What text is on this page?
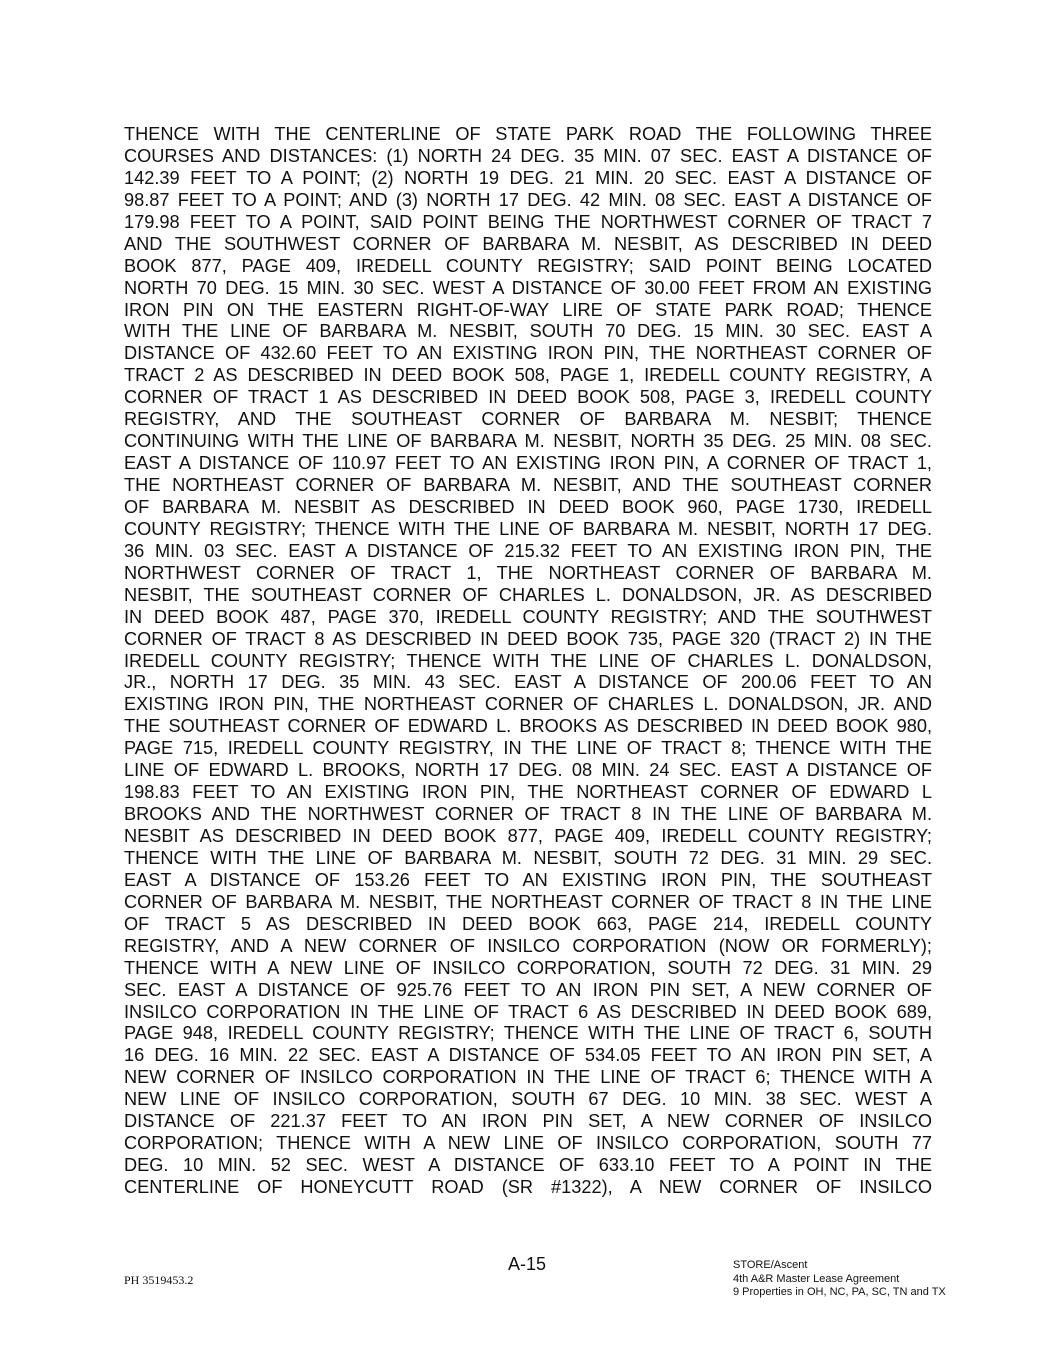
THENCE WITH THE CENTERLINE OF STATE PARK ROAD THE FOLLOWING THREE
COURSES AND DISTANCES: (1) NORTH 24 DEG. 35 MIN. 07 SEC. EAST A DISTANCE OF
142.39 FEET TO A POINT; (2) NORTH 19 DEG. 21 MIN. 20 SEC. EAST A DISTANCE OF
98.87 FEET TO A POINT; AND (3) NORTH 17 DEG. 42 MIN. 08 SEC. EAST A DISTANCE OF
179.98 FEET TO A POINT, SAID POINT BEING THE NORTHWEST CORNER OF TRACT 7
AND THE SOUTHWEST CORNER OF BARBARA M. NESBIT, AS DESCRIBED IN DEED
BOOK 877, PAGE 409, IREDELL COUNTY REGISTRY; SAID POINT BEING LOCATED
NORTH 70 DEG. 15 MIN. 30 SEC. WEST A DISTANCE OF 30.00 FEET FROM AN EXISTING
IRON PIN ON THE EASTERN RIGHT-OF-WAY LIRE OF STATE PARK ROAD; THENCE
WITH THE LINE OF BARBARA M. NESBIT, SOUTH 70 DEG. 15 MIN. 30 SEC. EAST A
DISTANCE OF 432.60 FEET TO AN EXISTING IRON PIN, THE NORTHEAST CORNER OF
TRACT 2 AS DESCRIBED IN DEED BOOK 508, PAGE 1, IREDELL COUNTY REGISTRY, A
CORNER OF TRACT 1 AS DESCRIBED IN DEED BOOK 508, PAGE 3, IREDELL COUNTY
REGISTRY, AND THE SOUTHEAST CORNER OF BARBARA M. NESBIT; THENCE
CONTINUING WITH THE LINE OF BARBARA M. NESBIT, NORTH 35 DEG. 25 MIN. 08 SEC.
EAST A DISTANCE OF 110.97 FEET TO AN EXISTING IRON PIN, A CORNER OF TRACT 1,
THE NORTHEAST CORNER OF BARBARA M. NESBIT, AND THE SOUTHEAST CORNER
OF BARBARA M. NESBIT AS DESCRIBED IN DEED BOOK 960, PAGE 1730, IREDELL
COUNTY REGISTRY; THENCE WITH THE LINE OF BARBARA M. NESBIT, NORTH 17 DEG.
36 MIN. 03 SEC. EAST A DISTANCE OF 215.32 FEET TO AN EXISTING IRON PIN, THE
NORTHWEST CORNER OF TRACT 1, THE NORTHEAST CORNER OF BARBARA M.
NESBIT, THE SOUTHEAST CORNER OF CHARLES L. DONALDSON, JR. AS DESCRIBED
IN DEED BOOK 487, PAGE 370, IREDELL COUNTY REGISTRY; AND THE SOUTHWEST
CORNER OF TRACT 8 AS DESCRIBED IN DEED BOOK 735, PAGE 320 (TRACT 2) IN THE
IREDELL COUNTY REGISTRY; THENCE WITH THE LINE OF CHARLES L. DONALDSON,
JR., NORTH 17 DEG. 35 MIN. 43 SEC. EAST A DISTANCE OF 200.06 FEET TO AN
EXISTING IRON PIN, THE NORTHEAST CORNER OF CHARLES L. DONALDSON, JR. AND
THE SOUTHEAST CORNER OF EDWARD L. BROOKS AS DESCRIBED IN DEED BOOK 980,
PAGE 715, IREDELL COUNTY REGISTRY, IN THE LINE OF TRACT 8; THENCE WITH THE
LINE OF EDWARD L. BROOKS, NORTH 17 DEG. 08 MIN. 24 SEC. EAST A DISTANCE OF
198.83 FEET TO AN EXISTING IRON PIN, THE NORTHEAST CORNER OF EDWARD L
BROOKS AND THE NORTHWEST CORNER OF TRACT 8 IN THE LINE OF BARBARA M.
NESBIT AS DESCRIBED IN DEED BOOK 877, PAGE 409, IREDELL COUNTY REGISTRY;
THENCE WITH THE LINE OF BARBARA M. NESBIT, SOUTH 72 DEG. 31 MIN. 29 SEC.
EAST A DISTANCE OF 153.26 FEET TO AN EXISTING IRON PIN, THE SOUTHEAST
CORNER OF BARBARA M. NESBIT, THE NORTHEAST CORNER OF TRACT 8 IN THE LINE
OF TRACT 5 AS DESCRIBED IN DEED BOOK 663, PAGE 214, IREDELL COUNTY
REGISTRY, AND A NEW CORNER OF INSILCO CORPORATION (NOW OR FORMERLY);
THENCE WITH A NEW LINE OF INSILCO CORPORATION, SOUTH 72 DEG. 31 MIN. 29
SEC. EAST A DISTANCE OF 925.76 FEET TO AN IRON PIN SET, A NEW CORNER OF
INSILCO CORPORATION IN THE LINE OF TRACT 6 AS DESCRIBED IN DEED BOOK 689,
PAGE 948, IREDELL COUNTY REGISTRY; THENCE WITH THE LINE OF TRACT 6, SOUTH
16 DEG. 16 MIN. 22 SEC. EAST A DISTANCE OF 534.05 FEET TO AN IRON PIN SET, A
NEW CORNER OF INSILCO CORPORATION IN THE LINE OF TRACT 6; THENCE WITH A
NEW LINE OF INSILCO CORPORATION, SOUTH 67 DEG. 10 MIN. 38 SEC. WEST A
DISTANCE OF 221.37 FEET TO AN IRON PIN SET, A NEW CORNER OF INSILCO
CORPORATION; THENCE WITH A NEW LINE OF INSILCO CORPORATION, SOUTH 77
DEG. 10 MIN. 52 SEC. WEST A DISTANCE OF 633.10 FEET TO A POINT IN THE
CENTERLINE OF HONEYCUTT ROAD (SR #1322), A NEW CORNER OF INSILCO
A-15
PH 3519453.2
STORE/Ascent
4th A&R Master Lease Agreement
9 Properties in OH, NC, PA, SC, TN and TX
